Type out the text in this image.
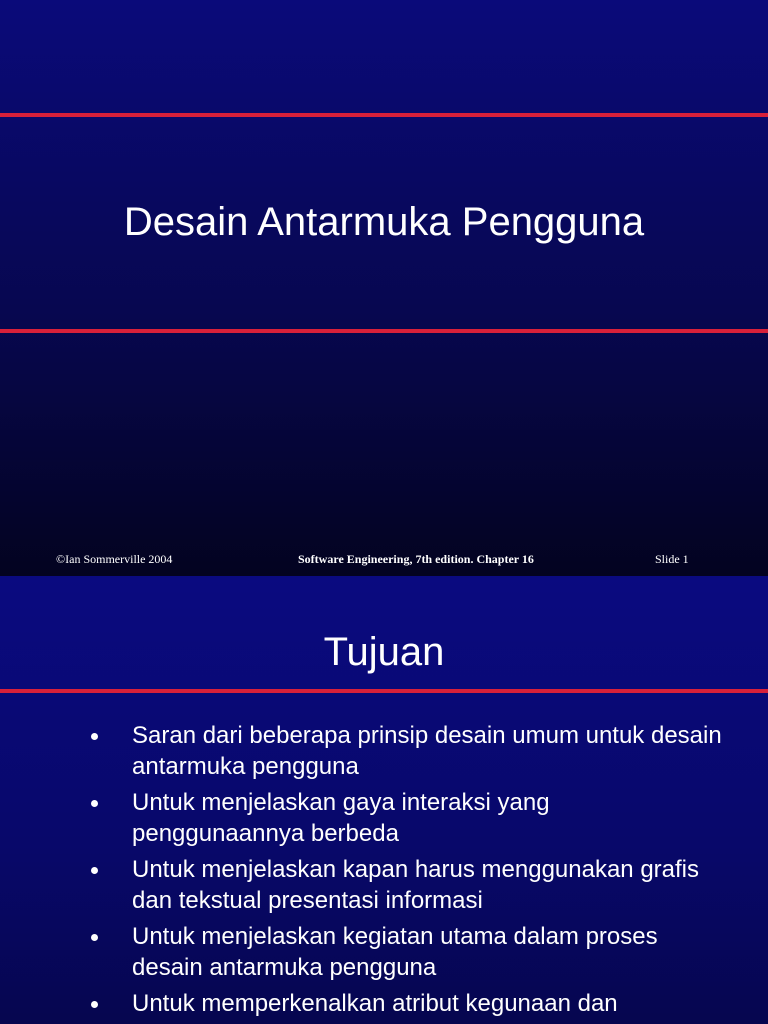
Desain Antarmuka Pengguna
©Ian Sommerville 2004	Software Engineering, 7th edition. Chapter 16	Slide 1
Tujuan
Saran dari beberapa prinsip desain umum untuk desain antarmuka pengguna
Untuk menjelaskan gaya interaksi yang penggunaannya berbeda
Untuk menjelaskan kapan harus menggunakan grafis dan tekstual presentasi informasi
Untuk menjelaskan kegiatan utama dalam proses desain antarmuka pengguna
Untuk memperkenalkan atribut kegunaan dan
